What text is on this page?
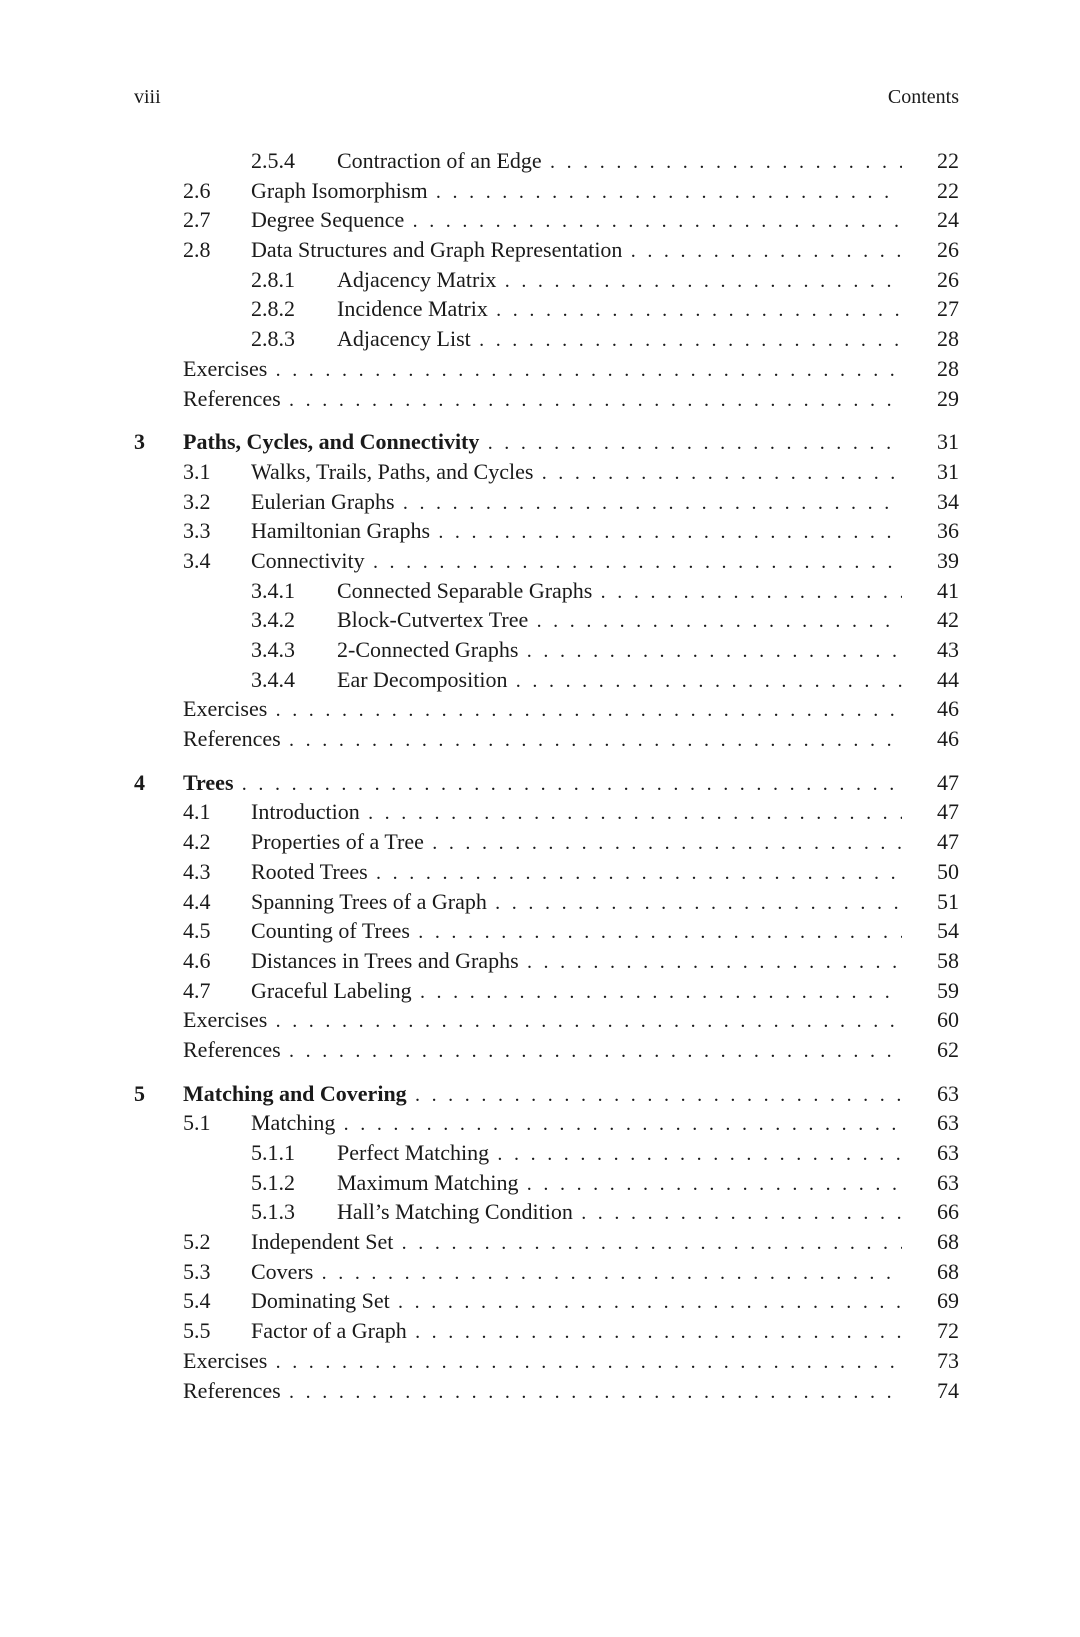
viii	Contents
2.5.4 Contraction of an Edge . . .	22
2.6 Graph Isomorphism . . .	22
2.7 Degree Sequence . . .	24
2.8 Data Structures and Graph Representation . . .	26
2.8.1 Adjacency Matrix . . .	26
2.8.2 Incidence Matrix . . .	27
2.8.3 Adjacency List . . .	28
Exercises . . .	28
References . . .	29
3 Paths, Cycles, and Connectivity . . .	31
3.1 Walks, Trails, Paths, and Cycles . . .	31
3.2 Eulerian Graphs . . .	34
3.3 Hamiltonian Graphs . . .	36
3.4 Connectivity . . .	39
3.4.1 Connected Separable Graphs . . .	41
3.4.2 Block-Cutvertex Tree . . .	42
3.4.3 2-Connected Graphs . . .	43
3.4.4 Ear Decomposition . . .	44
Exercises . . .	46
References . . .	46
4 Trees . . .	47
4.1 Introduction . . .	47
4.2 Properties of a Tree . . .	47
4.3 Rooted Trees . . .	50
4.4 Spanning Trees of a Graph . . .	51
4.5 Counting of Trees . . .	54
4.6 Distances in Trees and Graphs . . .	58
4.7 Graceful Labeling . . .	59
Exercises . . .	60
References . . .	62
5 Matching and Covering . . .	63
5.1 Matching . . .	63
5.1.1 Perfect Matching . . .	63
5.1.2 Maximum Matching . . .	63
5.1.3 Hall’s Matching Condition . . .	66
5.2 Independent Set . . .	68
5.3 Covers . . .	68
5.4 Dominating Set . . .	69
5.5 Factor of a Graph . . .	72
Exercises . . .	73
References . . .	74
